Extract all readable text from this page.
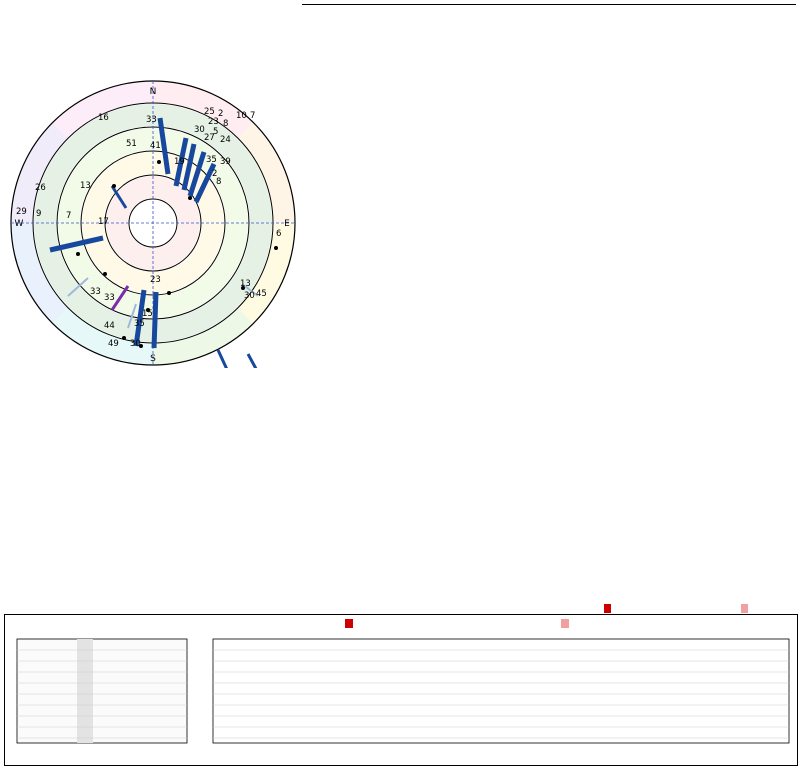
N
E
S
W
16	33
25 2
23 8
10 7
30 5
27 24
51 41
35 39
19
2
8
26	13
29 9	7
17
6
23
33
33
13
45
30
44 35
15
49 30
